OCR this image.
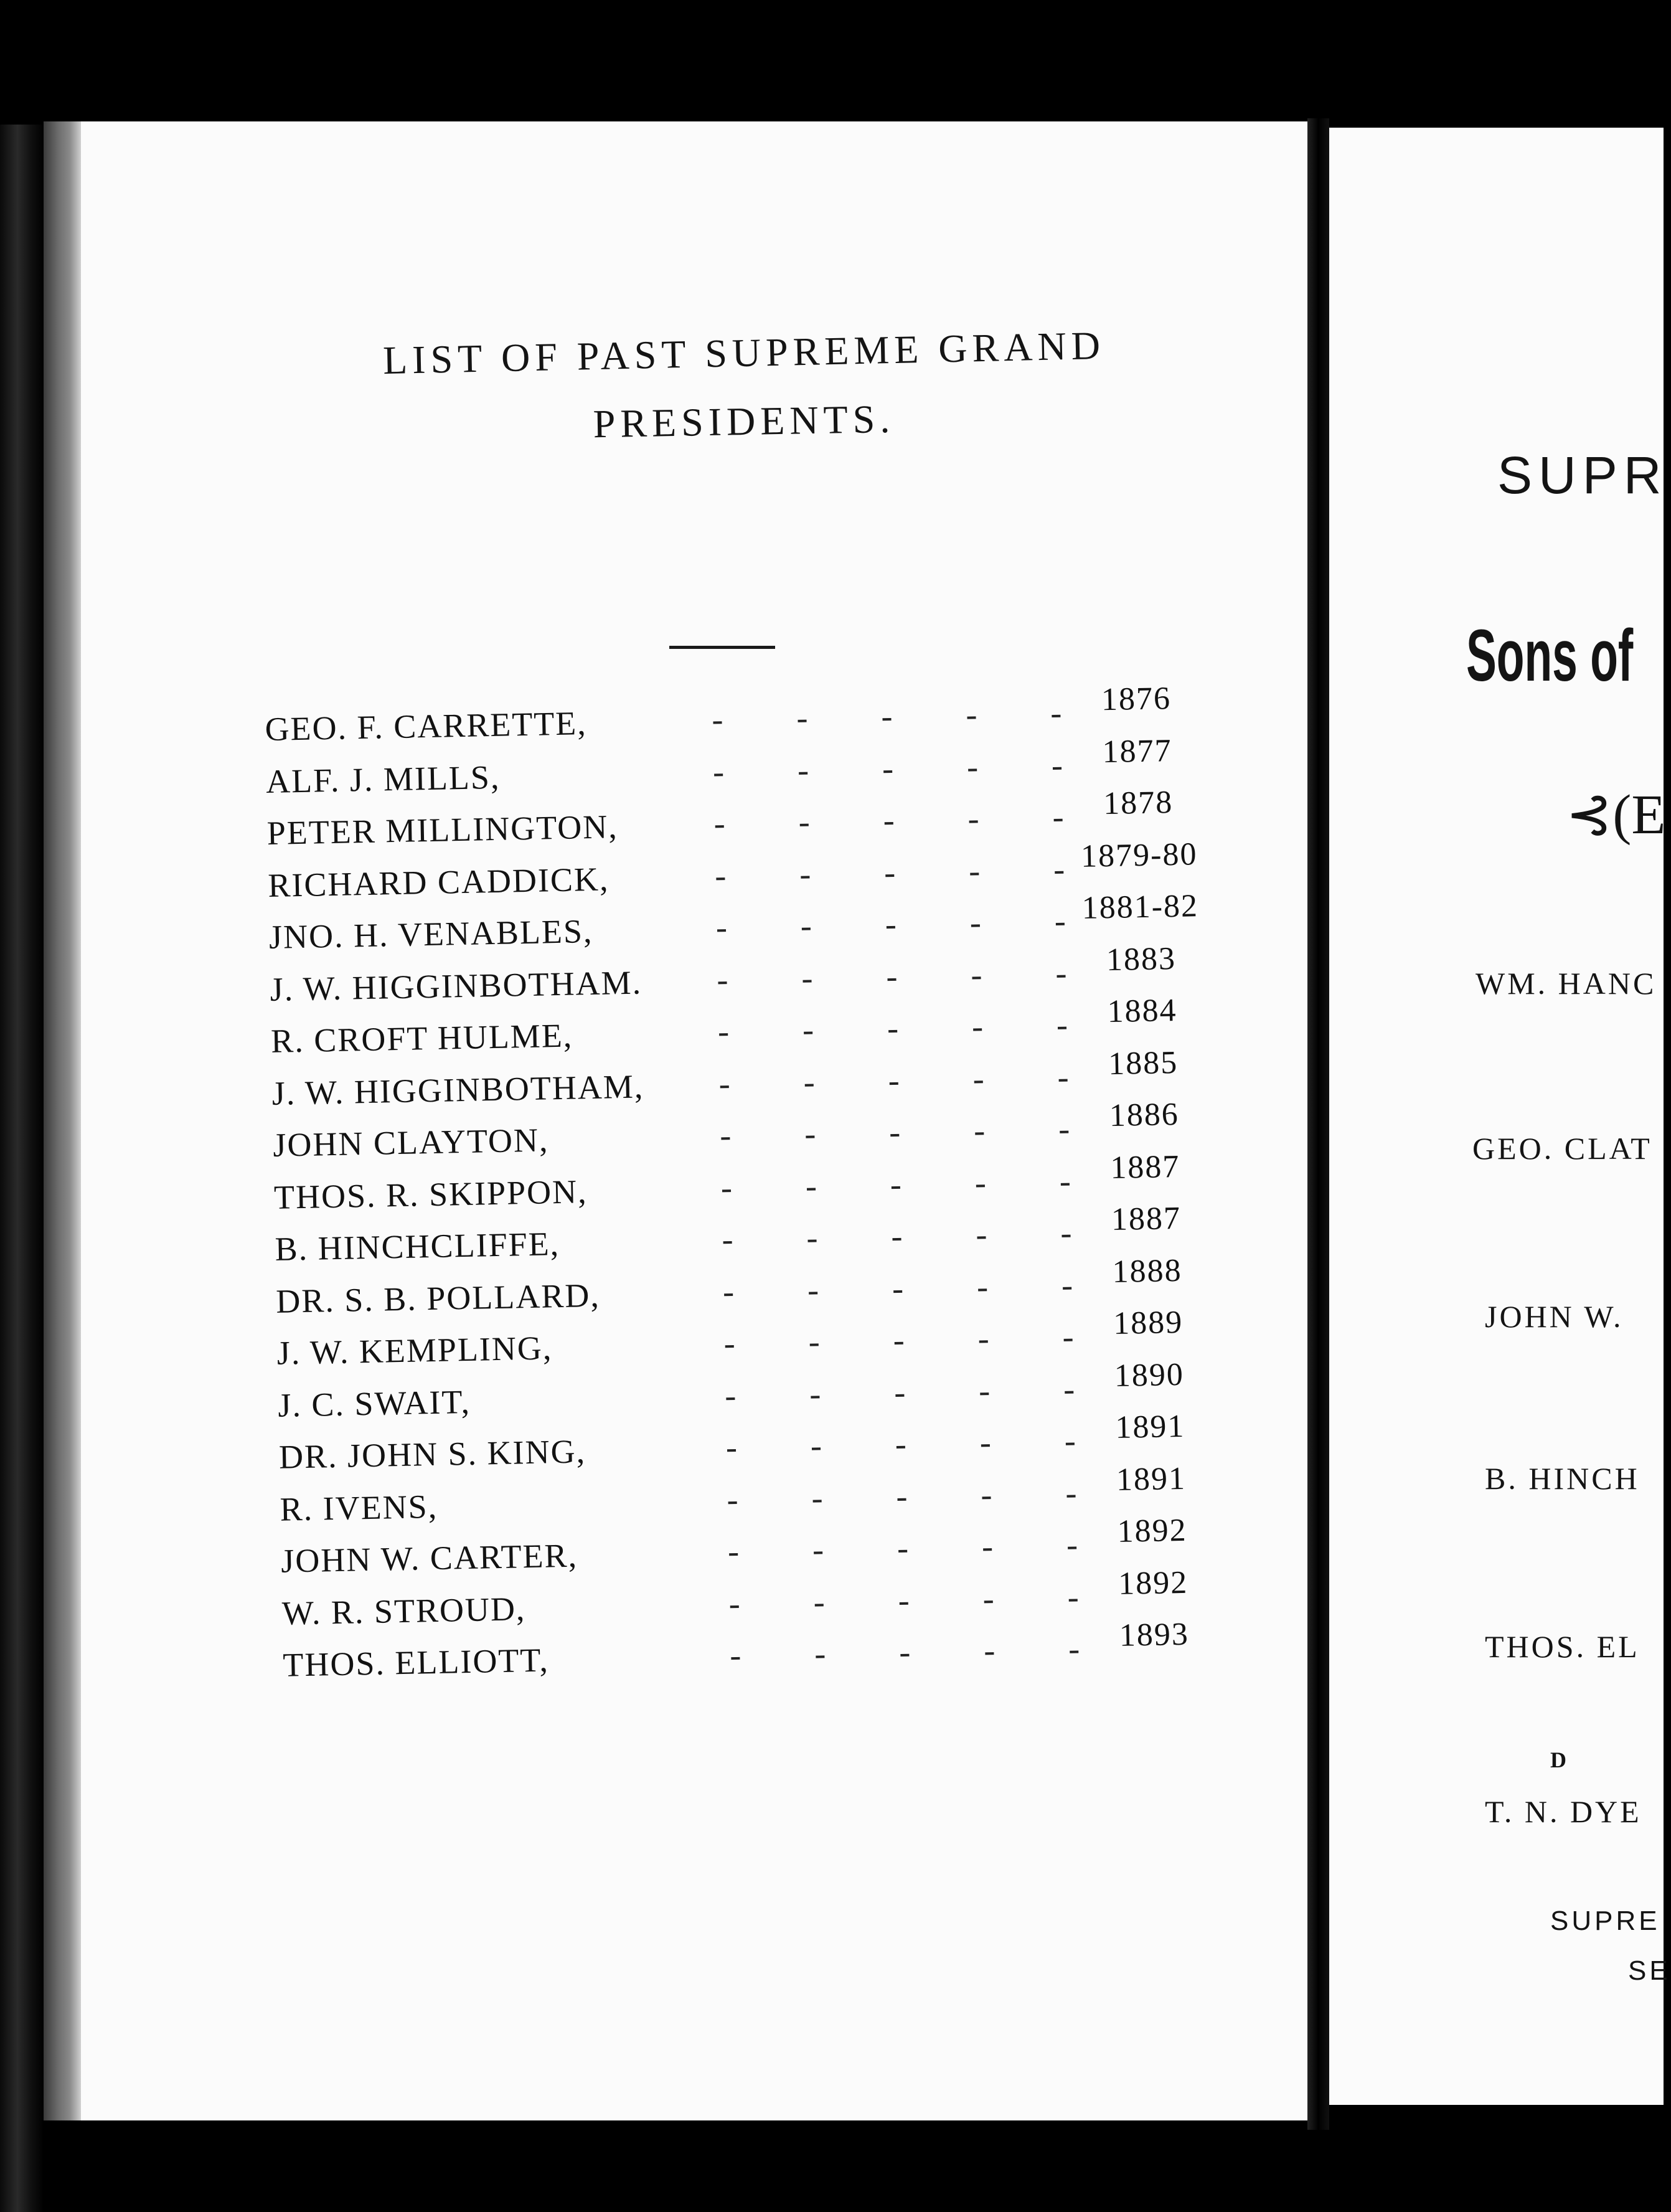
LIST OF PAST SUPREME GRAND
PRESIDENTS.
GEO. F. CARRETTE,	- - - - -	1876
ALF. J. MILLS,	- - - - -	1877
PETER MILLINGTON,	- - - - -	1878
RICHARD CADDICK,	- - - - - 1879-80
JNO. H. VENABLES,	- - - - - 1881-82
J. W. HIGGINBOTHAM.	- - - - -	1883
R. CROFT HULME,	- - - - -	1884
J. W. HIGGINBOTHAM,	- - - - -	1885
JOHN CLAYTON,	- - - - -	1886
THOS. R. SKIPPON,	- - - - -	1887
B. HINCHCLIFFE,	- - - - -	1887
DR. S. B. POLLARD,	- - - - -	1888
J. W. KEMPLING,	- - - - -	1889
J. C. SWAIT,	- - - - -	1890
DR. JOHN S. KING,	- - - - -	1891
R. IVENS,	- - - - -	1891
JOHN W. CARTER,	- - - - -	1892
W. R. STROUD,	- - - - -	1892
THOS. ELLIOTT,	- - - - -	1893
SUPR
Sons of
⊰(E
WM. HANC
GEO. CLAT
JOHN W.
B. HINCH
THOS. EL
D
T. N. DYE
SUPRE
SE
